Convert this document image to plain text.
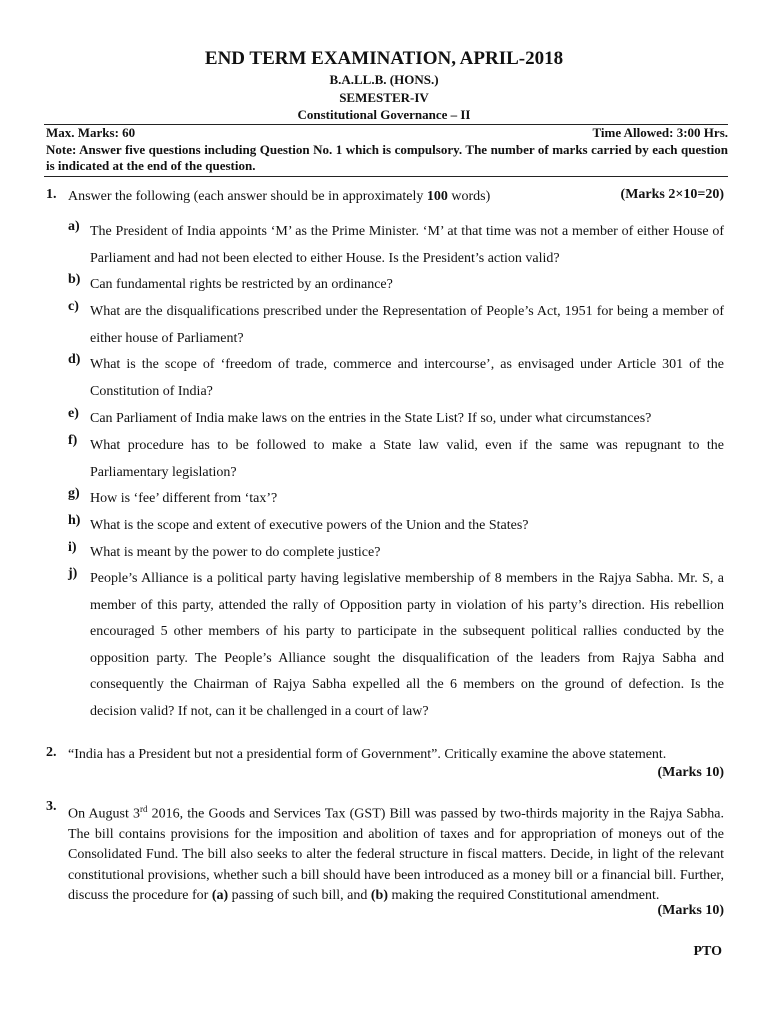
END TERM EXAMINATION, APRIL-2018
B.A.LL.B. (HONS.)
SEMESTER-IV
Constitutional Governance – II
Max. Marks: 60	Time Allowed: 3:00 Hrs.
Note: Answer five questions including Question No. 1 which is compulsory. The number of marks carried by each question is indicated at the end of the question.
1. Answer the following (each answer should be in approximately 100 words)	(Marks 2×10=20)
a) The President of India appoints ‘M’ as the Prime Minister. ‘M’ at that time was not a member of either House of Parliament and had not been elected to either House. Is the President’s action valid?
b) Can fundamental rights be restricted by an ordinance?
c) What are the disqualifications prescribed under the Representation of People’s Act, 1951 for being a member of either house of Parliament?
d) What is the scope of ‘freedom of trade, commerce and intercourse’, as envisaged under Article 301 of the Constitution of India?
e) Can Parliament of India make laws on the entries in the State List? If so, under what circumstances?
f) What procedure has to be followed to make a State law valid, even if the same was repugnant to the Parliamentary legislation?
g) How is ‘fee’ different from ‘tax’?
h) What is the scope and extent of executive powers of the Union and the States?
i) What is meant by the power to do complete justice?
j) People’s Alliance is a political party having legislative membership of 8 members in the Rajya Sabha. Mr. S, a member of this party, attended the rally of Opposition party in violation of his party’s direction. His rebellion encouraged 5 other members of his party to participate in the subsequent political rallies conducted by the opposition party. The People’s Alliance sought the disqualification of the leaders from Rajya Sabha and consequently the Chairman of Rajya Sabha expelled all the 6 members on the ground of defection. Is the decision valid? If not, can it be challenged in a court of law?
2. “India has a President but not a presidential form of Government”. Critically examine the above statement.
(Marks 10)
3.
On August 3rd 2016, the Goods and Services Tax (GST) Bill was passed by two-thirds majority in the Rajya Sabha. The bill contains provisions for the imposition and abolition of taxes and for appropriation of moneys out of the Consolidated Fund. The bill also seeks to alter the federal structure in fiscal matters. Decide, in light of the relevant constitutional provisions, whether such a bill should have been introduced as a money bill or a financial bill. Further, discuss the procedure for (a) passing of such bill, and (b) making the required Constitutional amendment.
(Marks 10)
PTO
